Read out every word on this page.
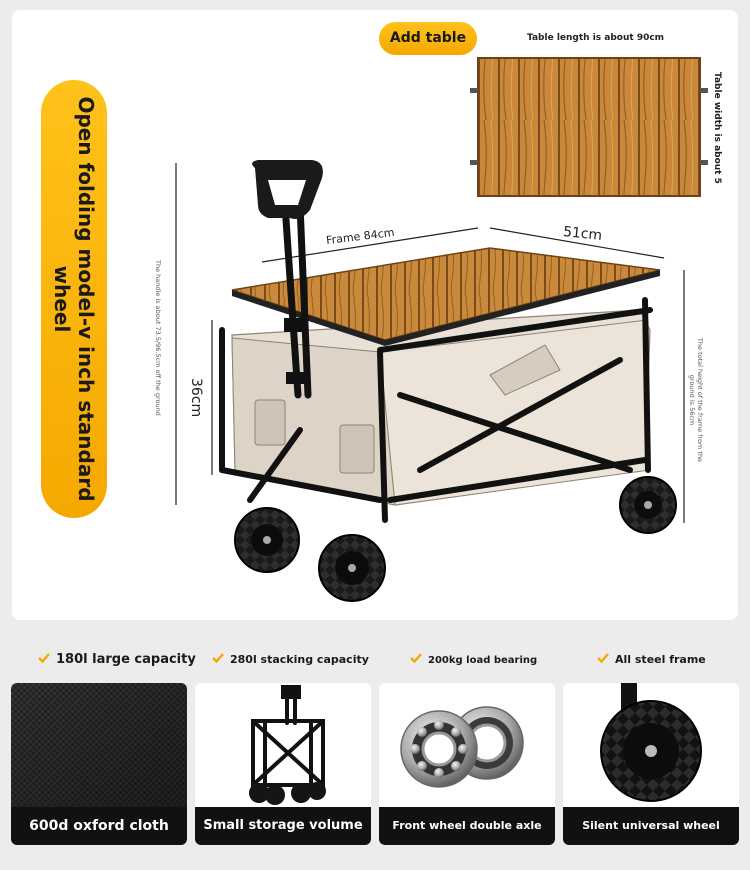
Open folding model-v inch standard wheel
Add table	Table length is about 90cm
Table width is about 5
Frame 84cm	51cm
36cm
The handle is about 73.5/96.5cm off the ground	The total height of the frame from the ground is 56cm
180l large capacity	280l stacking capacity	200kg load bearing	All steel frame
600d oxford cloth	Small storage volume	Front wheel double axle	Silent universal wheel
